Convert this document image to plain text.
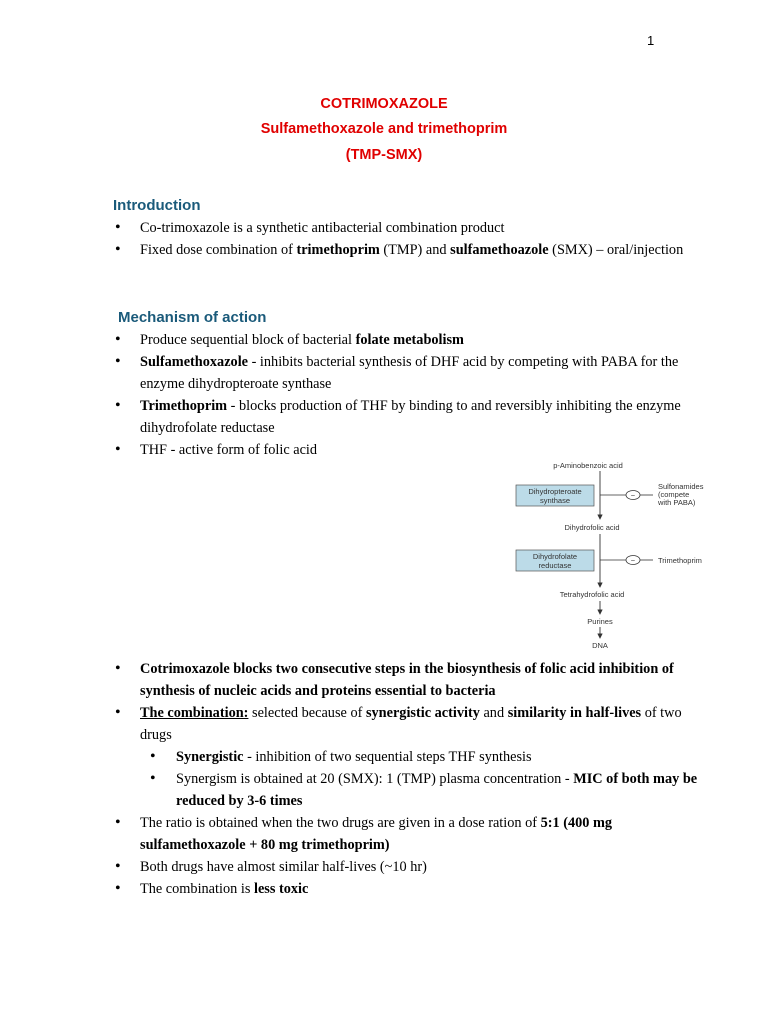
1
COTRIMOXAZOLE
Sulfamethoxazole and trimethoprim
(TMP-SMX)
Introduction
• Co-trimoxazole is a synthetic antibacterial combination product
• Fixed dose combination of trimethoprim (TMP) and sulfamethoazole (SMX) – oral/injection
Mechanism of action
• Produce sequential block of bacterial folate metabolism
• Sulfamethoxazole - inhibits bacterial synthesis of DHF acid by competing with PABA for the enzyme dihydropteroate synthase
• Trimethoprim - blocks production of THF by binding to and reversibly inhibiting the enzyme dihydrofolate reductase
• THF - active form of folic acid
p-Aminobenzoic acid
Dihydropteroate
synthase
−
Sulfonamides
(compete
with PABA)
Dihydrofolic acid
Dihydrofolate
reductase
−	Trimethoprim
Tetrahydrofolic acid
Purines
DNA
• Cotrimoxazole blocks two consecutive steps in the biosynthesis of folic acid inhibition of synthesis of nucleic acids and proteins essential to bacteria
• The combination: selected because of synergistic activity and similarity in half-lives of two drugs
• Synergistic - inhibition of two sequential steps THF synthesis
• Synergism is obtained at 20 (SMX): 1 (TMP) plasma concentration - MIC of both may be reduced by 3-6 times
• The ratio is obtained when the two drugs are given in a dose ration of 5:1 (400 mg sulfamethoxazole + 80 mg trimethoprim)
• Both drugs have almost similar half-lives (~10 hr)
• The combination is less toxic
